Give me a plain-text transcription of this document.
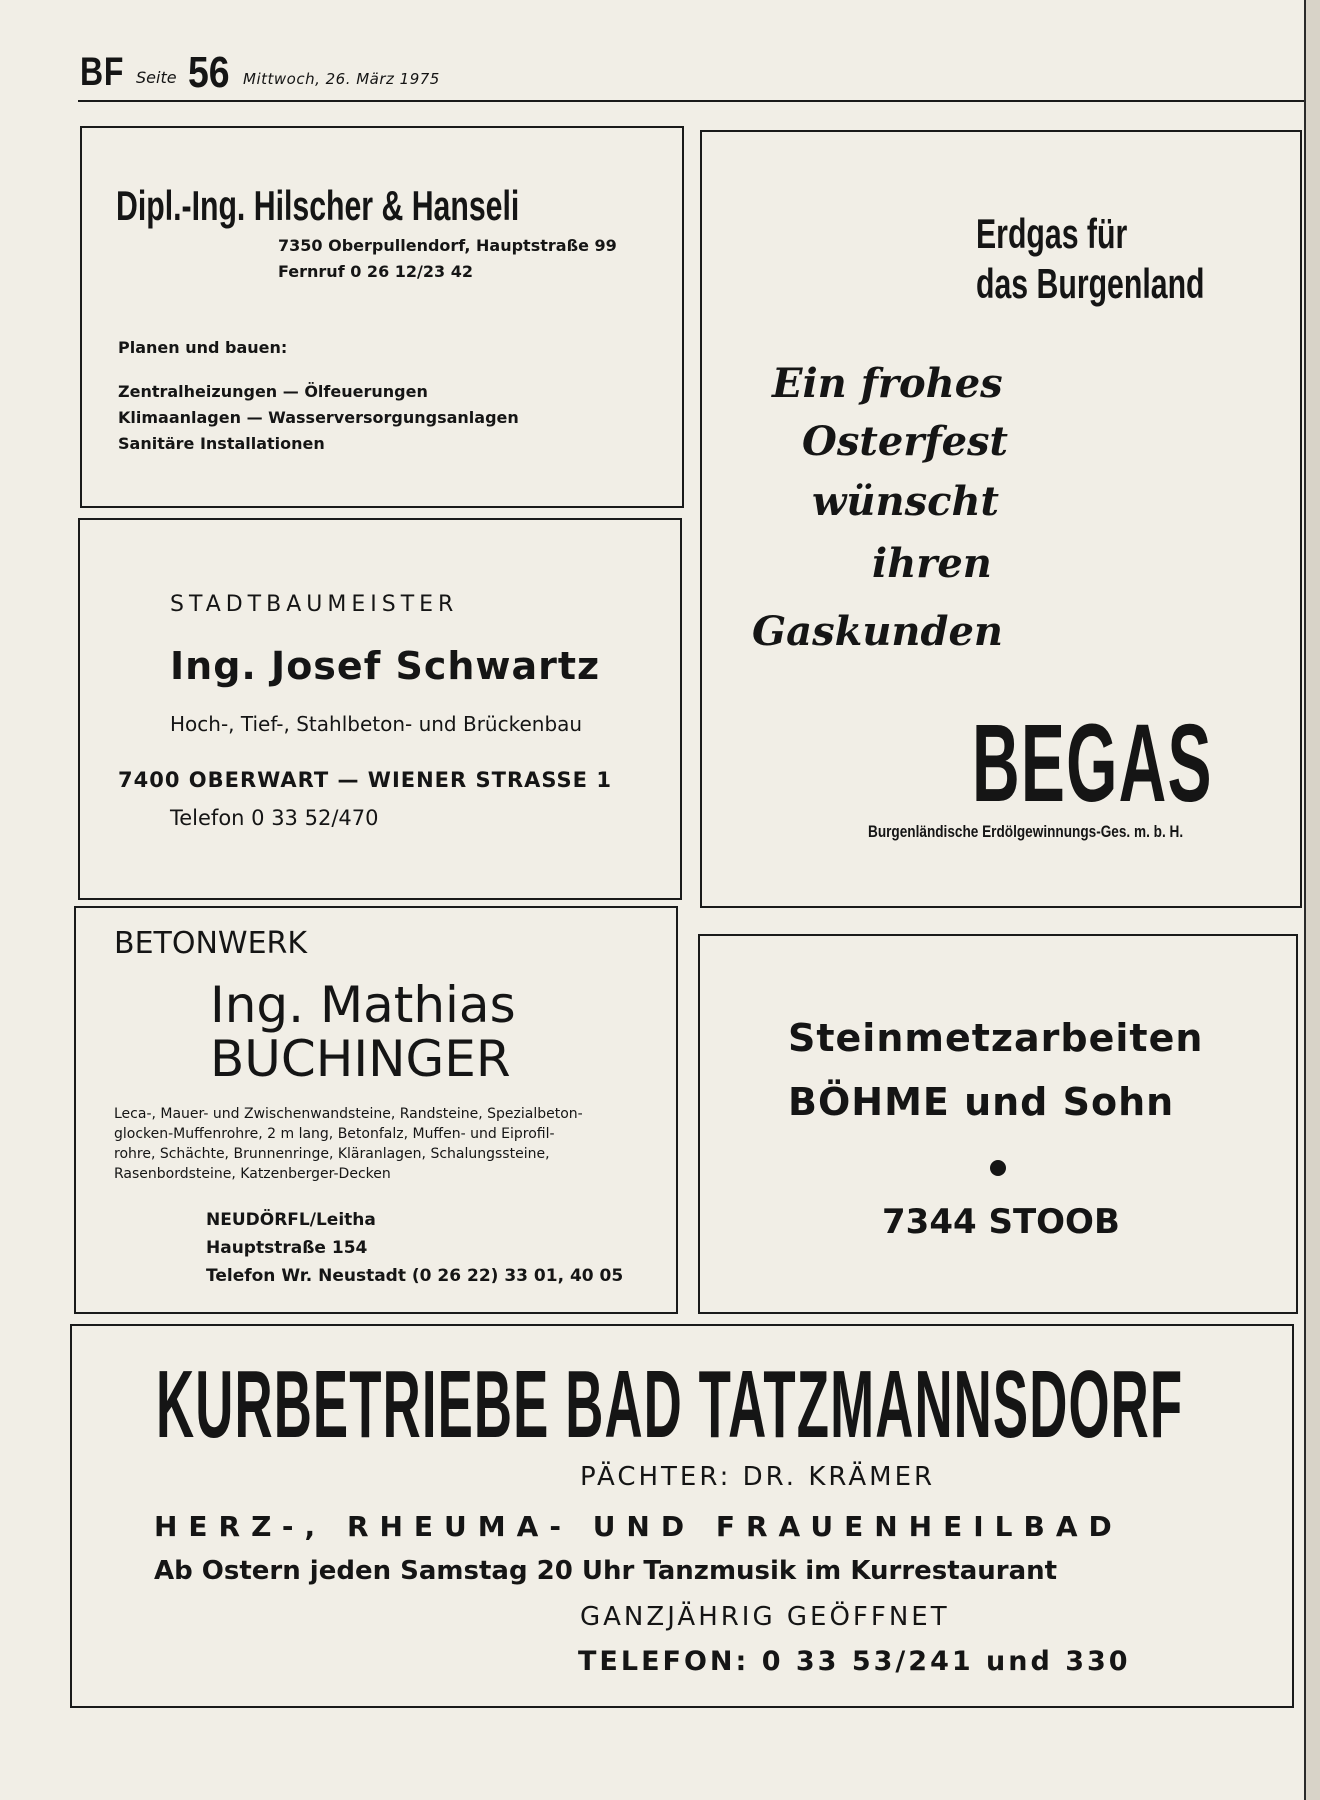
BF Seite 56 Mittwoch, 26. März 1975
Dipl.-Ing. Hilscher & Hanseli
7350 Oberpullendorf, Hauptstraße 99
Fernruf 0 26 12/23 42
Planen und bauen:
Zentralheizungen — Ölfeuerungen
Klimaanlagen — Wasserversorgungsanlagen
Sanitäre Installationen
STADTBAUMEISTER
Ing. Josef Schwartz
Hoch-, Tief-, Stahlbeton- und Brückenbau
7400 OBERWART — WIENER STRASSE 1
Telefon 0 33 52/470
BETONWERK
Ing. Mathias
BUCHINGER
Leca-, Mauer- und Zwischenwandsteine, Randsteine, Spezialbeton-
glocken-Muffenrohre, 2 m lang, Betonfalz, Muffen- und Eiprofil-
rohre, Schächte, Brunnenringe, Kläranlagen, Schalungssteine,
Rasenbordsteine, Katzenberger-Decken
NEUDÖRFL/Leitha
Hauptstraße 154
Telefon Wr. Neustadt (0 26 22) 33 01, 40 05
Erdgas für
das Burgenland
Ein frohes
Osterfest
wünscht
ihren
Gaskunden
BEGAS
Burgenländische Erdölgewinnungs-Ges. m. b. H.
Steinmetzarbeiten
BÖHME und Sohn
7344 STOOB
KURBETRIEBE BAD TATZMANNSDORF
PÄCHTER: DR. KRÄMER
HERZ-, RHEUMA- UND FRAUENHEILBAD
Ab Ostern jeden Samstag 20 Uhr Tanzmusik im Kurrestaurant
GANZJÄHRIG GEÖFFNET
TELEFON: 0 33 53/241 und 330
